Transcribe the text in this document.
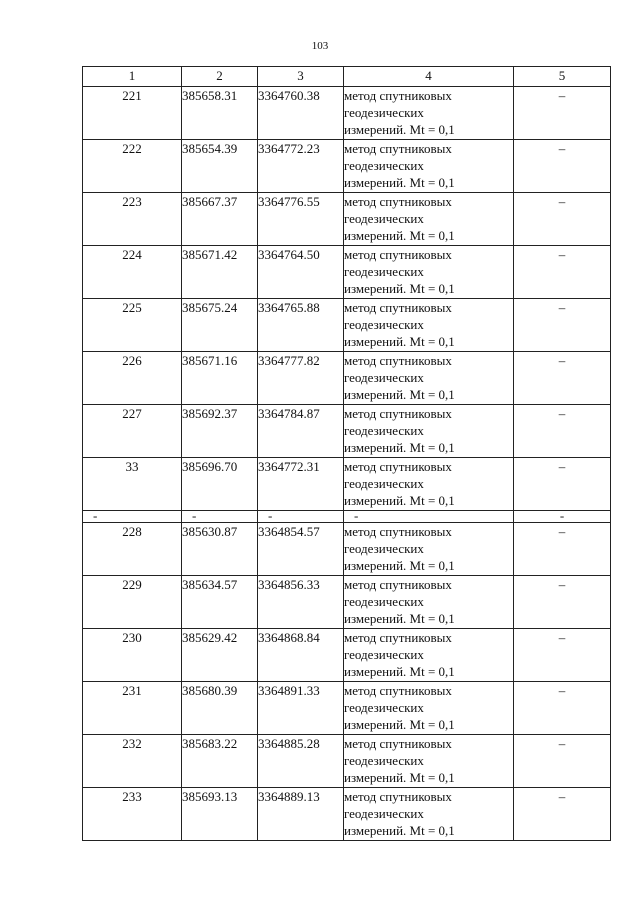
103
1	2	3	4	5
221	385658.31	3364760.38	метод спутниковых
геодезических
измерений. Mt = 0,1	–
222	385654.39	3364772.23	метод спутниковых
геодезических
измерений. Mt = 0,1	–
223	385667.37	3364776.55	метод спутниковых
геодезических
измерений. Mt = 0,1	–
224	385671.42	3364764.50	метод спутниковых
геодезических
измерений. Mt = 0,1	–
225	385675.24	3364765.88	метод спутниковых
геодезических
измерений. Mt = 0,1	–
226	385671.16	3364777.82	метод спутниковых
геодезических
измерений. Mt = 0,1	–
227	385692.37	3364784.87	метод спутниковых
геодезических
измерений. Mt = 0,1	–
33	385696.70	3364772.31	метод спутниковых
геодезических
измерений. Mt = 0,1	–
-	-	-	-	-
228	385630.87	3364854.57	метод спутниковых
геодезических
измерений. Mt = 0,1	–
229	385634.57	3364856.33	метод спутниковых
геодезических
измерений. Mt = 0,1	–
230	385629.42	3364868.84	метод спутниковых
геодезических
измерений. Mt = 0,1	–
231	385680.39	3364891.33	метод спутниковых
геодезических
измерений. Mt = 0,1	–
232	385683.22	3364885.28	метод спутниковых
геодезических
измерений. Mt = 0,1	–
233	385693.13	3364889.13	метод спутниковых
геодезических
измерений. Mt = 0,1	–
